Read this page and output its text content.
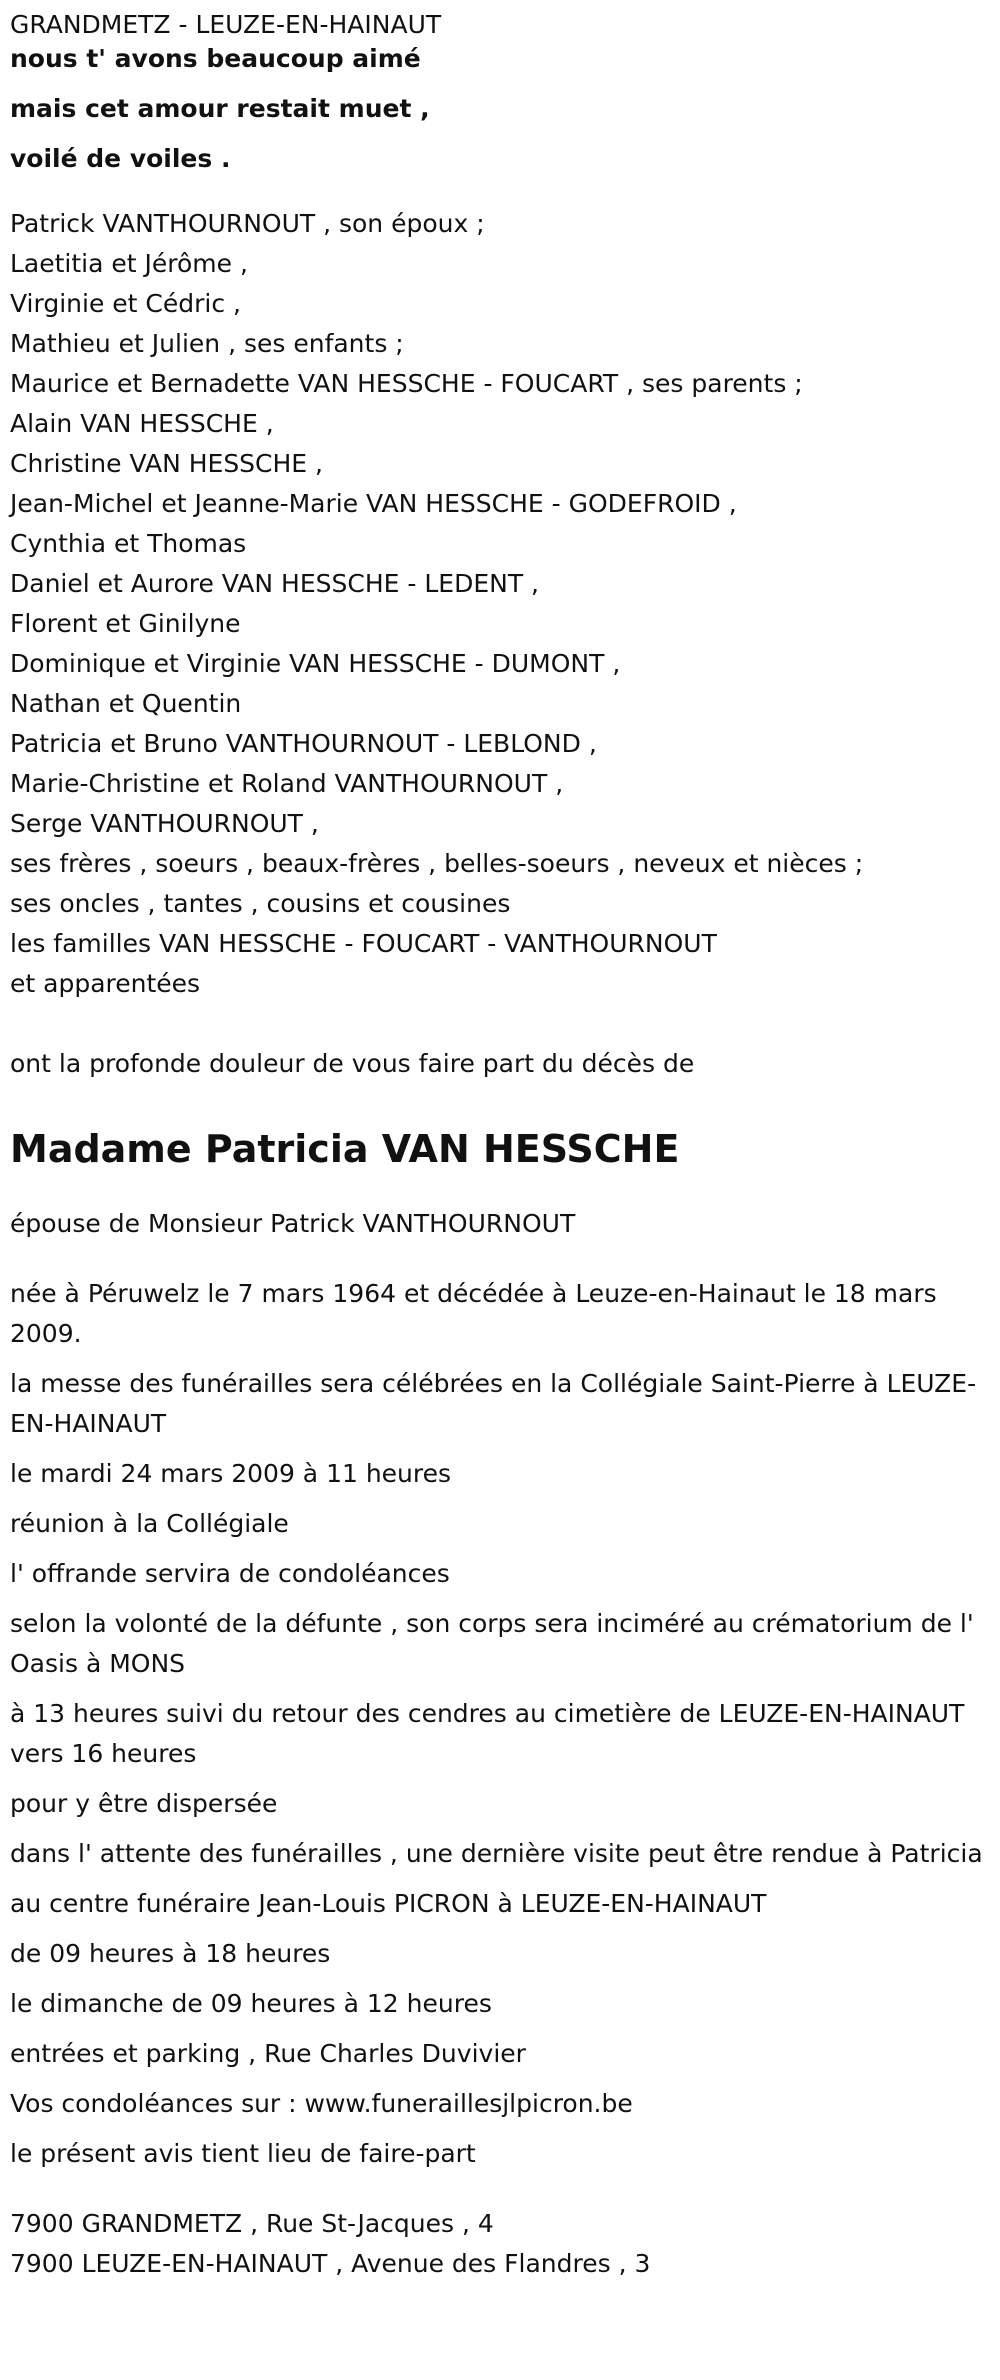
GRANDMETZ - LEUZE-EN-HAINAUT
nous t' avons beaucoup aimé
mais cet amour restait muet ,
voilé de voiles .
Patrick VANTHOURNOUT , son époux ;
Laetitia et Jérôme ,
Virginie et Cédric ,
Mathieu et Julien , ses enfants ;
Maurice et Bernadette VAN HESSCHE - FOUCART , ses parents ;
Alain VAN HESSCHE ,
Christine VAN HESSCHE ,
Jean-Michel et Jeanne-Marie VAN HESSCHE - GODEFROID ,
Cynthia et Thomas
Daniel et Aurore VAN HESSCHE - LEDENT ,
Florent et Ginilyne
Dominique et Virginie VAN HESSCHE - DUMONT ,
Nathan et Quentin
Patricia et Bruno VANTHOURNOUT - LEBLOND ,
Marie-Christine et Roland VANTHOURNOUT ,
Serge VANTHOURNOUT ,
ses frères , soeurs , beaux-frères , belles-soeurs , neveux et nièces ;
ses oncles , tantes , cousins et cousines
les familles VAN HESSCHE - FOUCART - VANTHOURNOUT
et apparentées
ont la profonde douleur de vous faire part du décès de
Madame Patricia VAN HESSCHE
épouse de Monsieur Patrick VANTHOURNOUT
née à Péruwelz le 7 mars 1964 et décédée à Leuze-en-Hainaut le 18 mars 2009.
la messe des funérailles sera célébrées en la Collégiale Saint-Pierre à LEUZE-EN-HAINAUT
le mardi 24 mars 2009 à 11 heures
réunion à la Collégiale
l' offrande servira de condoléances
selon la volonté de la défunte , son corps sera inciméré au crématorium de l' Oasis à MONS
à 13 heures suivi du retour des cendres au cimetière de LEUZE-EN-HAINAUT vers 16 heures
pour y être dispersée
dans l' attente des funérailles , une dernière visite peut être rendue à Patricia
au centre funéraire Jean-Louis PICRON à LEUZE-EN-HAINAUT
de 09 heures à 18 heures
le dimanche de 09 heures à 12 heures
entrées et parking , Rue Charles Duvivier
Vos condoléances sur : www.funeraillesjlpicron.be
le présent avis tient lieu de faire-part
7900 GRANDMETZ , Rue St-Jacques , 4
7900 LEUZE-EN-HAINAUT , Avenue des Flandres , 3
